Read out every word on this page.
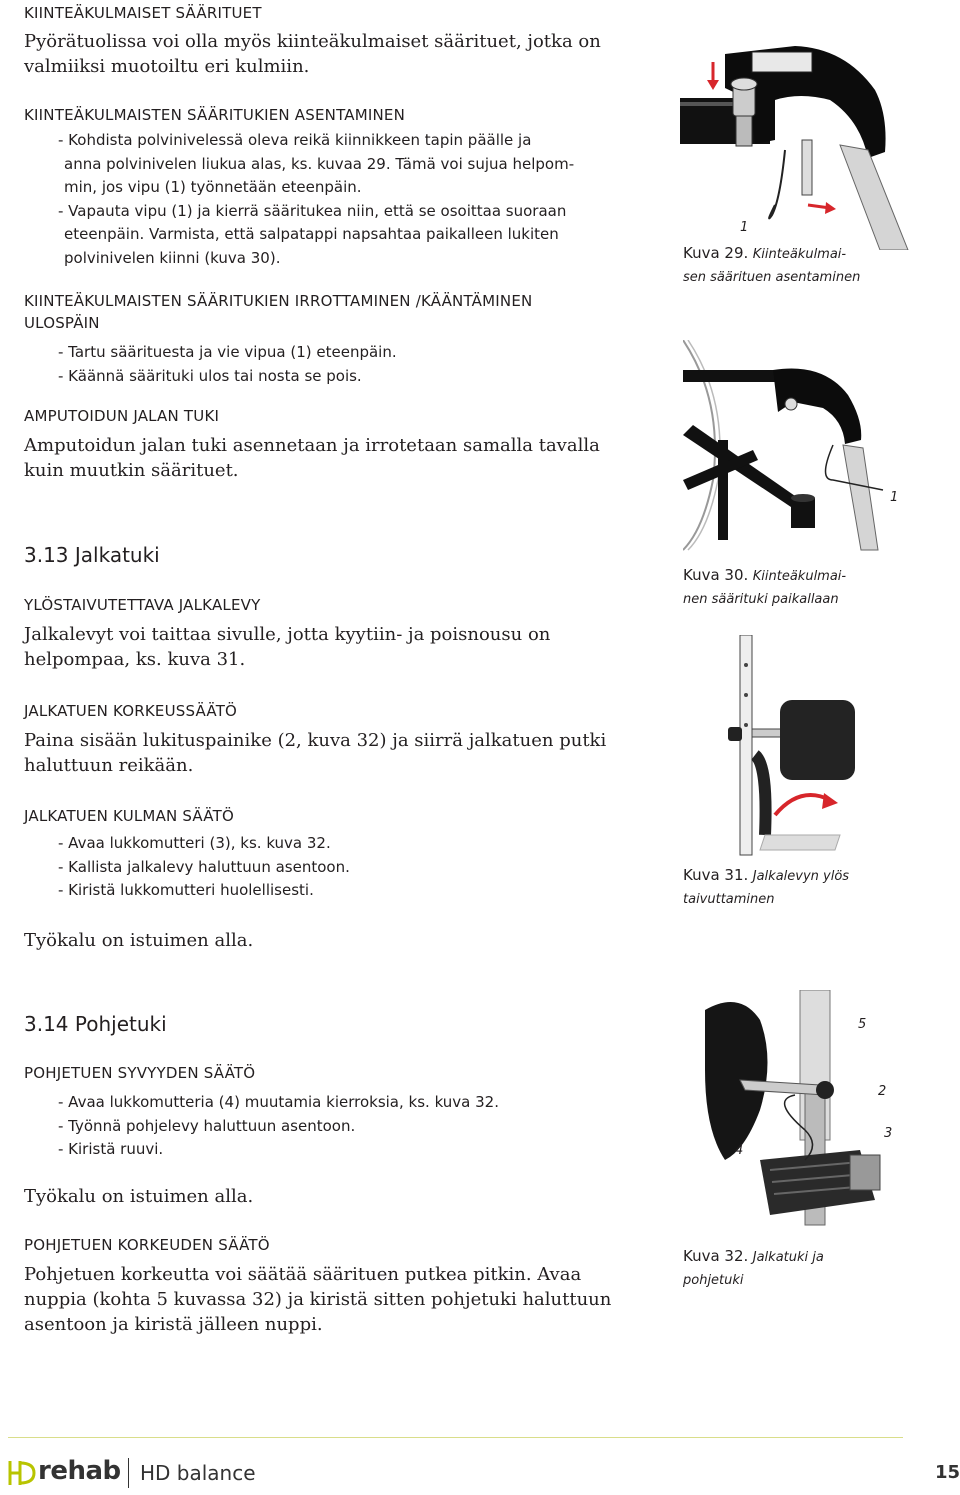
KIINTEÄKULMAISET SÄÄRITUET
Pyörätuolissa voi olla myös kiinteäkulmaiset säärituet, jotka on
valmiiksi muotoiltu eri kulmiin.
KIINTEÄKULMAISTEN SÄÄRITUKIEN ASENTAMINEN
- Kohdista polvinivelessä oleva reikä kiinnikkeen tapin päälle ja
anna polvinivelen liukua alas, ks. kuvaa 29. Tämä voi sujua helpom-
min, jos vipu (1) työnnetään eteenpäin.
- Vapauta vipu (1) ja kierrä sääritukea niin, että se osoittaa suoraan
eteenpäin. Varmista, että salpatappi napsahtaa paikalleen lukiten
polvinivelen kiinni (kuva 30).
KIINTEÄKULMAISTEN SÄÄRITUKIEN IRROTTAMINEN /KÄÄNTÄMINEN
ULOSPÄIN
- Tartu säärituesta ja vie vipua (1) eteenpäin.
- Käännä säärituki ulos tai nosta se pois.
AMPUTOIDUN JALAN TUKI
Amputoidun jalan tuki asennetaan ja irrotetaan samalla tavalla
kuin muutkin säärituet.
3.13 Jalkatuki
YLÖSTAIVUTETTAVA JALKALEVY
Jalkalevyt voi taittaa sivulle, jotta kyytiin- ja poisnousu on
helpompaa, ks. kuva 31.
JALKATUEN KORKEUSSÄÄTÖ
Paina sisään lukituspainike (2, kuva 32) ja siirrä jalkatuen putki
haluttuun reikään.
JALKATUEN KULMAN SÄÄTÖ
- Avaa lukkomutteri (3), ks. kuva 32.
- Kallista jalkalevy haluttuun asentoon.
- Kiristä lukkomutteri huolellisesti.
Työkalu on istuimen alla.
3.14 Pohjetuki
POHJETUEN SYVYYDEN SÄÄTÖ
- Avaa lukkomutteria (4) muutamia kierroksia, ks. kuva 32.
- Työnnä pohjelevy haluttuun asentoon.
- Kiristä ruuvi.
Työkalu on istuimen alla.
POHJETUEN KORKEUDEN SÄÄTÖ
Pohjetuen korkeutta voi säätää säärituen putkea pitkin. Avaa
nuppia (kohta 5 kuvassa 32) ja kiristä sitten pohjetuki haluttuun
asentoon ja kiristä jälleen nuppi.
1
Kuva 29. Kiinteäkulmai-
sen säärituen asentaminen
1
Kuva 30. Kiinteäkulmai-
nen säärituki paikallaan
Kuva 31. Jalkalevyn ylös
taivuttaminen
5
2
3
4
Kuva 32. Jalkatuki ja
pohjetuki
rehab HD balance	15
